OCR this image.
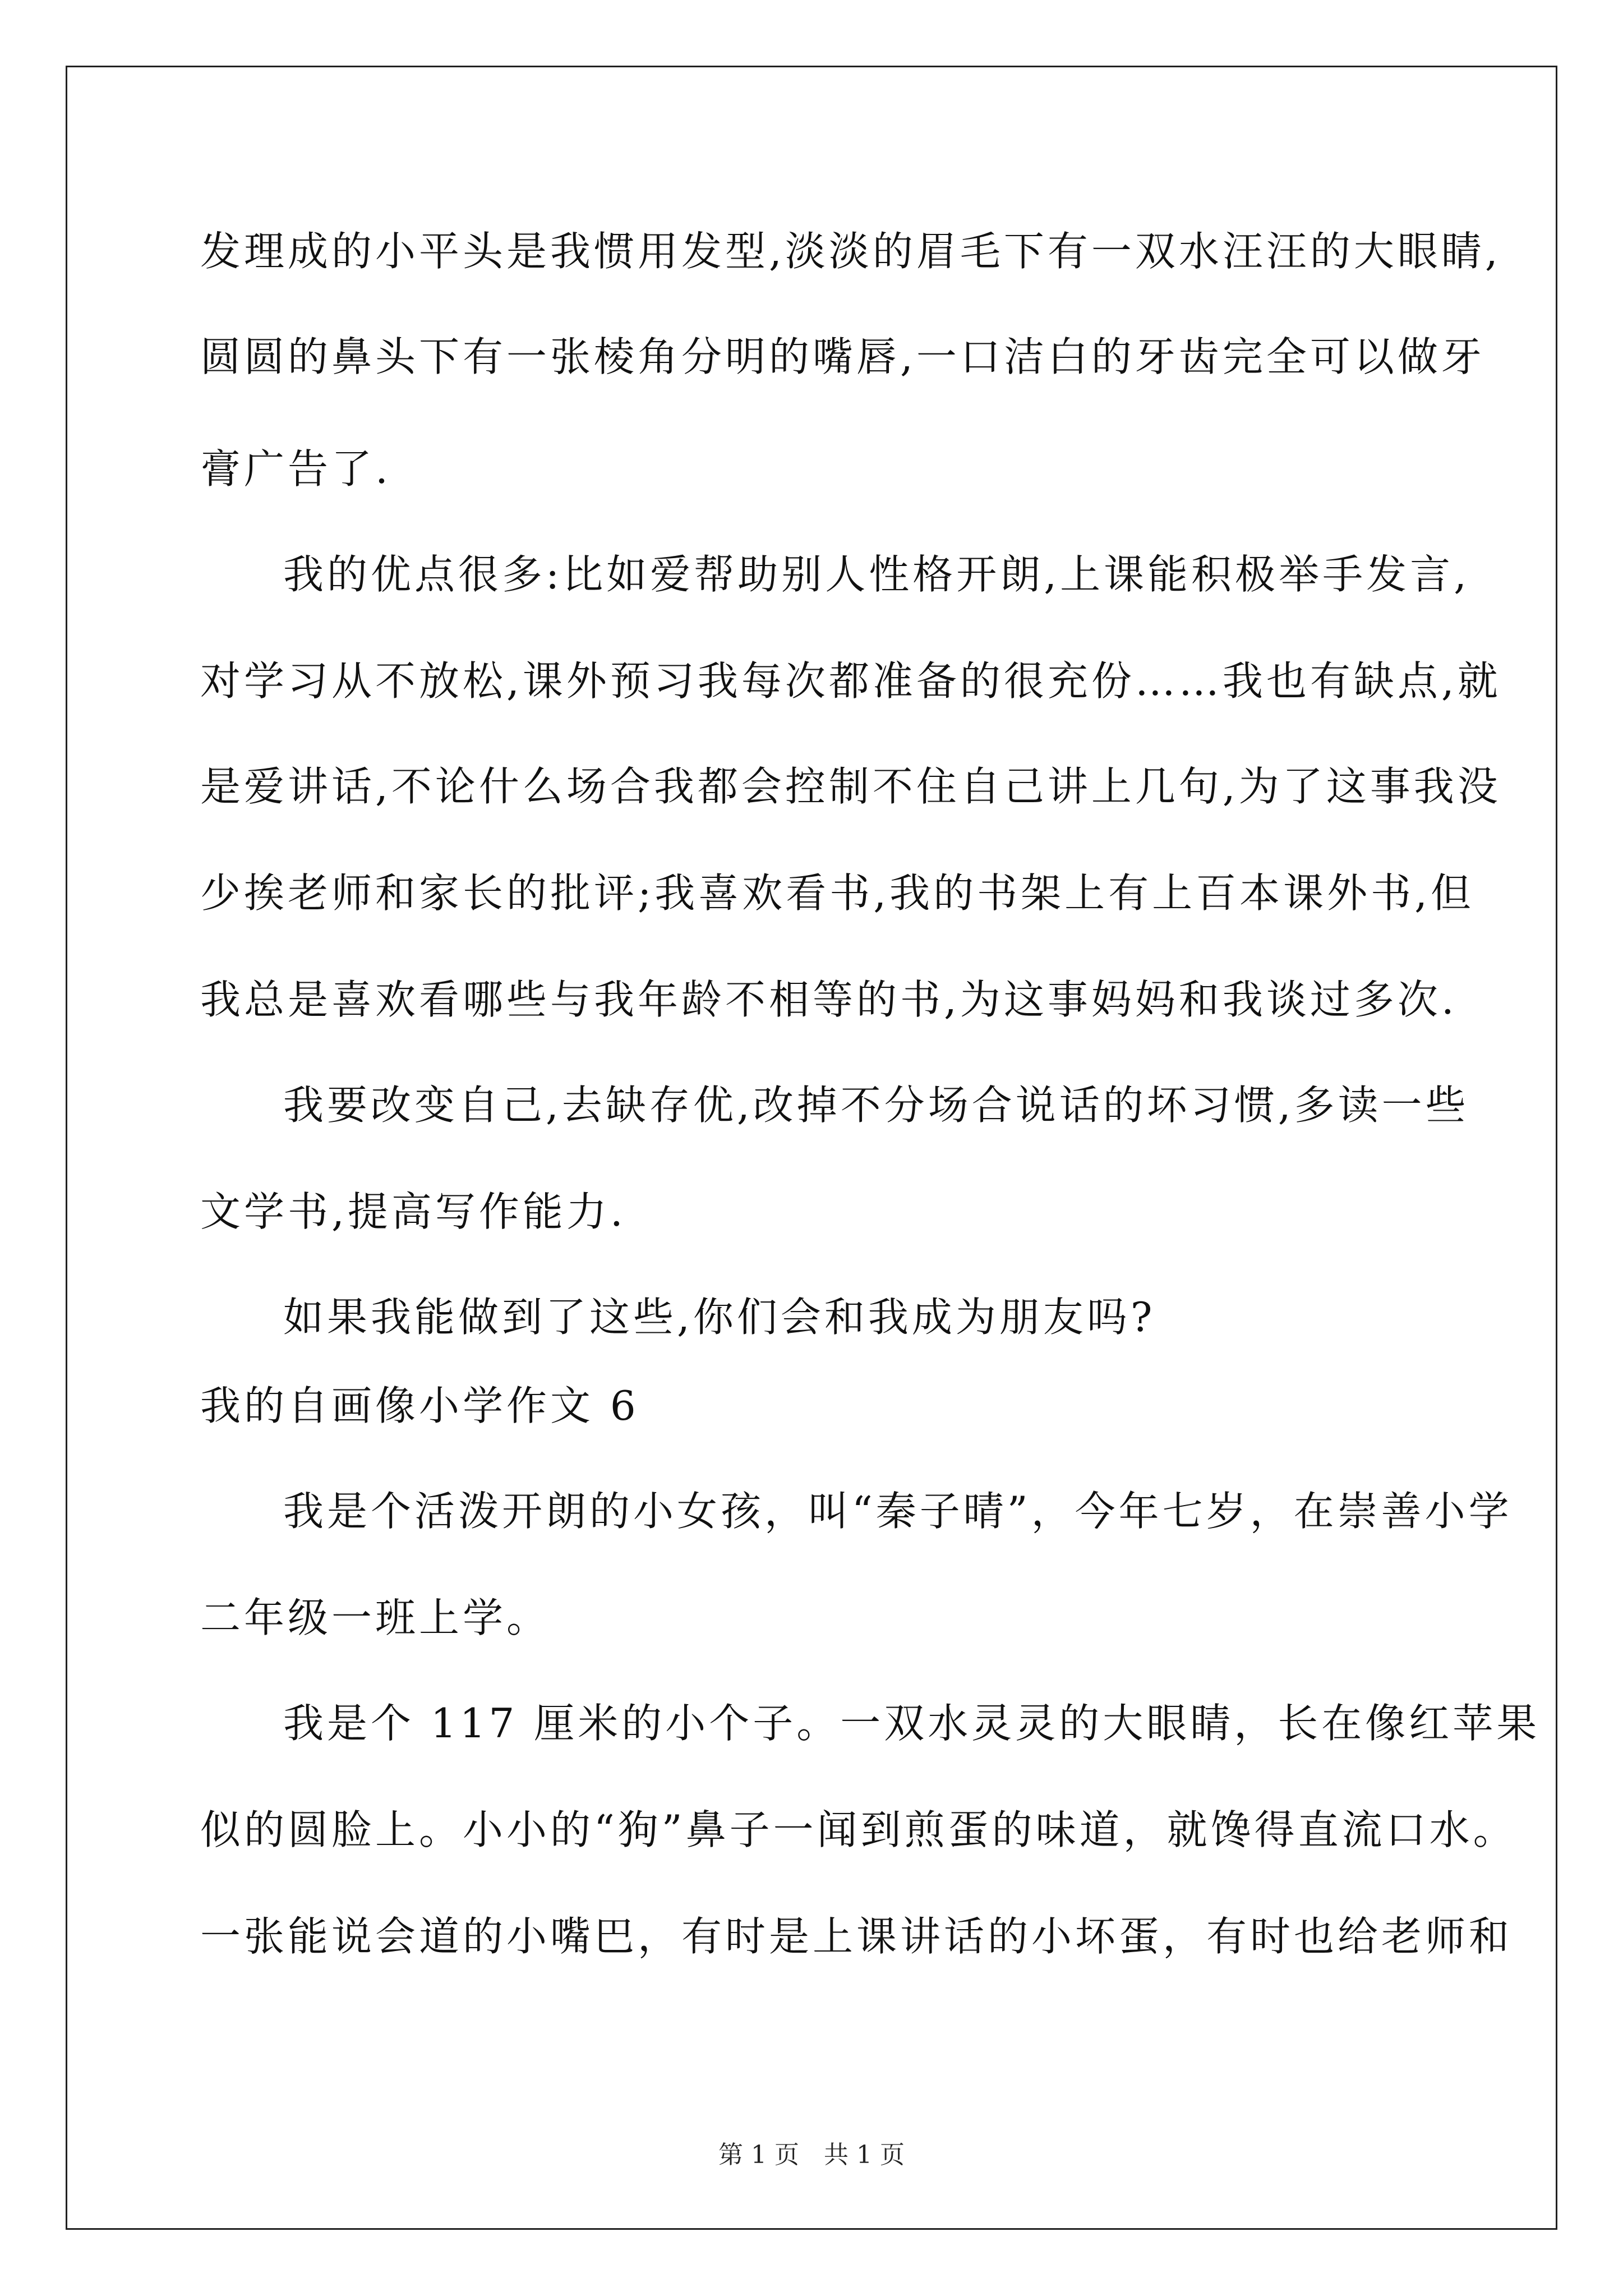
发理成的小平头是我惯用发型,淡淡的眉毛下有一双水汪汪的大眼睛,
圆圆的鼻头下有一张棱角分明的嘴唇,一口洁白的牙齿完全可以做牙
膏广告了.
我的优点很多:比如爱帮助别人性格开朗,上课能积极举手发言,
对学习从不放松,课外预习我每次都准备的很充份……我也有缺点,就
是爱讲话,不论什么场合我都会控制不住自己讲上几句,为了这事我没
少挨老师和家长的批评;我喜欢看书,我的书架上有上百本课外书,但
我总是喜欢看哪些与我年龄不相等的书,为这事妈妈和我谈过多次.
我要改变自己,去缺存优,改掉不分场合说话的坏习惯,多读一些
文学书,提高写作能力.
如果我能做到了这些,你们会和我成为朋友吗?
我的自画像小学作文 6
我是个活泼开朗的小女孩，叫“秦子晴”，今年七岁，在崇善小学
二年级一班上学。
我是个 117 厘米的小个子。一双水灵灵的大眼睛，长在像红苹果
似的圆脸上。小小的“狗”鼻子一闻到煎蛋的味道，就馋得直流口水。
一张能说会道的小嘴巴，有时是上课讲话的小坏蛋，有时也给老师和
第 1 页　共 1 页
